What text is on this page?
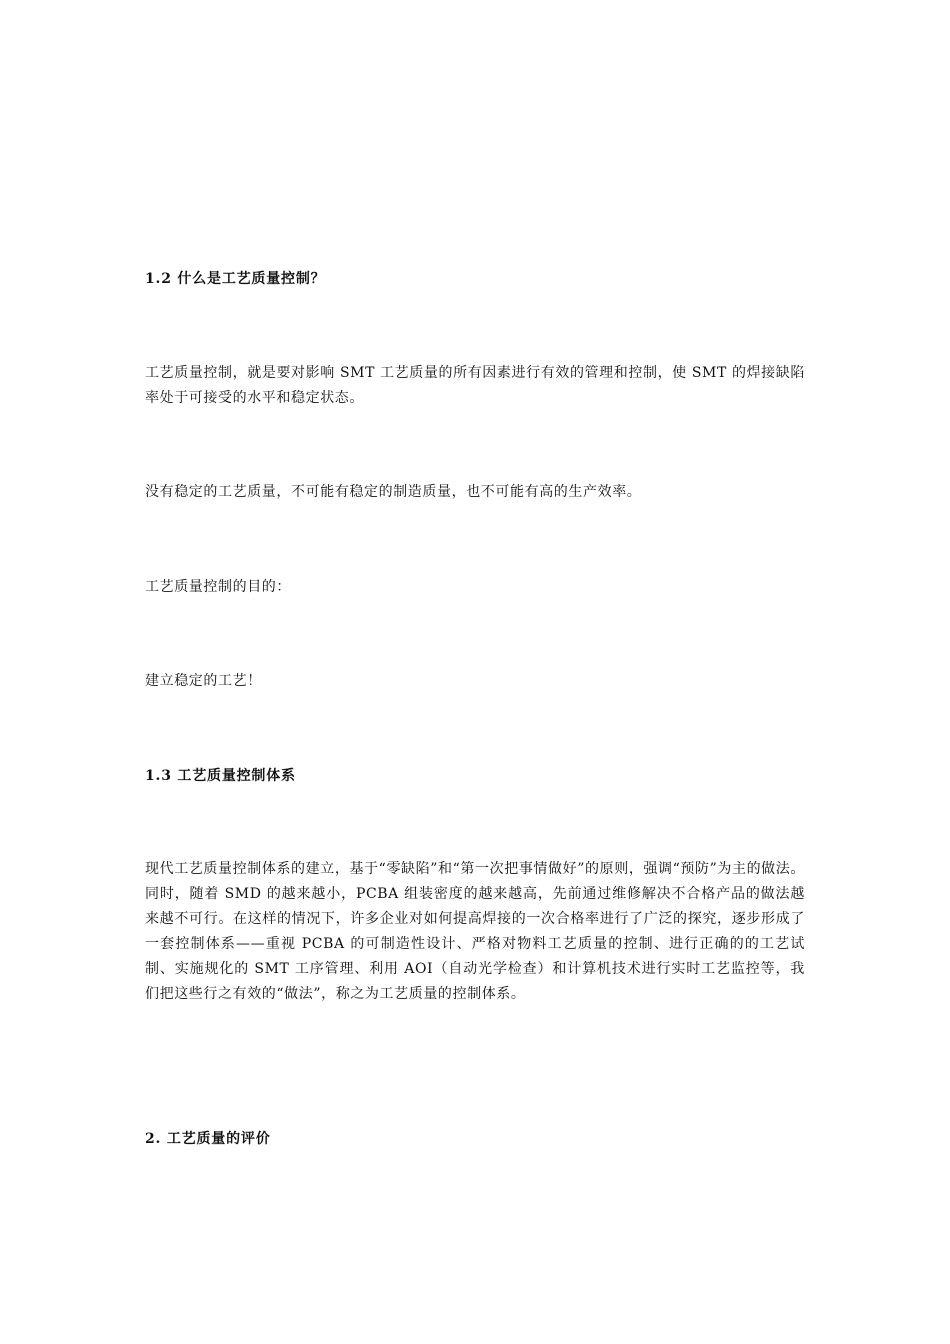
1.2 什么是工艺质量控制？

工艺质量控制，就是要对影响 SMT 工艺质量的所有因素进行有效的管理和控制，使 SMT 的焊接缺陷率处于可接受的水平和稳定状态。

没有稳定的工艺质量，不可能有稳定的制造质量，也不可能有高的生产效率。

工艺质量控制的目的：

建立稳定的工艺！

1.3 工艺质量控制体系

现代工艺质量控制体系的建立，基于“零缺陷”和“第一次把事情做好”的原则，强调“预防”为主的做法。同时，随着 SMD 的越来越小，PCBA 组装密度的越来越高，先前通过维修解决不合格产品的做法越来越不可行。在这样的情况下，许多企业对如何提高焊接的一次合格率进行了广泛的探究，逐步形成了一套控制体系——重视 PCBA 的可制造性设计、严格对物料工艺质量的控制、进行正确的的工艺试制、实施规化的 SMT 工序管理、利用 AOI（自动光学检查）和计算机技术进行实时工艺监控等，我们把这些行之有效的“做法”，称之为工艺质量的控制体系。

2. 工艺质量的评价
